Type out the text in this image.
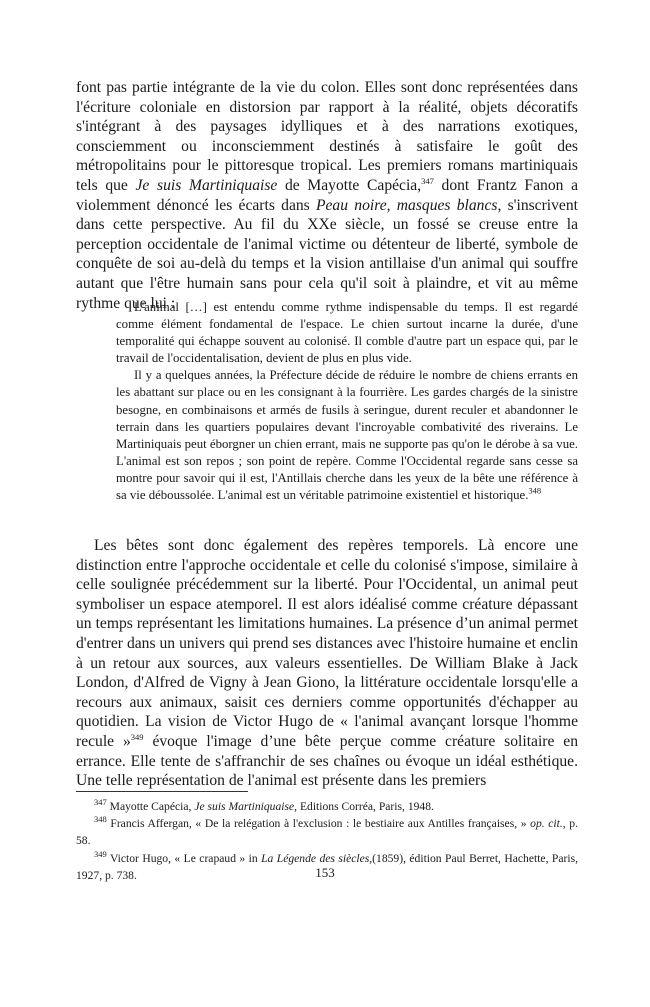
font pas partie intégrante de la vie du colon. Elles sont donc représentées dans l'écriture coloniale en distorsion par rapport à la réalité, objets décoratifs s'intégrant à des paysages idylliques et à des narrations exotiques, consciemment ou inconsciemment destinés à satisfaire le goût des métropolitains pour le pittoresque tropical. Les premiers romans martiniquais tels que Je suis Martiniquaise de Mayotte Capécia,$^{347}$ dont Frantz Fanon a violemment dénoncé les écarts dans Peau noire, masques blancs, s'inscrivent dans cette perspective. Au fil du XXe siècle, un fossé se creuse entre la perception occidentale de l'animal victime ou détenteur de liberté, symbole de conquête de soi au-delà du temps et la vision antillaise d'un animal qui souffre autant que l'être humain sans pour cela qu'il soit à plaindre, et vit au même rythme que lui :

L'animal […] est entendu comme rythme indispensable du temps. Il est regardé comme élément fondamental de l'espace. Le chien surtout incarne la durée, d'une temporalité qui échappe souvent au colonisé. Il comble d'autre part un espace qui, par le travail de l'occidentalisation, devient de plus en plus vide.

Il y a quelques années, la Préfecture décide de réduire le nombre de chiens errants en les abattant sur place ou en les consignant à la fourrière. Les gardes chargés de la sinistre besogne, en combinaisons et armés de fusils à seringue, durent reculer et abandonner le terrain dans les quartiers populaires devant l'incroyable combativité des riverains. Le Martiniquais peut éborgner un chien errant, mais ne supporte pas qu'on le dérobe à sa vue. L'animal est son repos ; son point de repère. Comme l'Occidental regarde sans cesse sa montre pour savoir qui il est, l'Antillais cherche dans les yeux de la bête une référence à sa vie déboussolée. L'animal est un véritable patrimoine existentiel et historique.$^{348}$

Les bêtes sont donc également des repères temporels. Là encore une distinction entre l'approche occidentale et celle du colonisé s'impose, similaire à celle soulignée précédemment sur la liberté. Pour l'Occidental, un animal peut symboliser un espace atemporel. Il est alors idéalisé comme créature dépassant un temps représentant les limitations humaines. La présence d’un animal permet d'entrer dans un univers qui prend ses distances avec l'histoire humaine et enclin à un retour aux sources, aux valeurs essentielles. De William Blake à Jack London, d'Alfred de Vigny à Jean Giono, la littérature occidentale lorsqu'elle a recours aux animaux, saisit ces derniers comme opportunités d'échapper au quotidien. La vision de Victor Hugo de « l'animal avançant lorsque l'homme recule »$^{349}$ évoque l'image d’une bête perçue comme créature solitaire en errance. Elle tente de s'affranchir de ses chaînes ou évoque un idéal esthétique. Une telle représentation de l'animal est présente dans les premiers

$^{347}$ Mayotte Capécia, Je suis Martiniquaise, Editions Corréa, Paris, 1948.

$^{348}$ Francis Affergan, « De la relégation à l'exclusion : le bestiaire aux Antilles françaises, » op. cit., p. 58.

$^{349}$ Victor Hugo, « Le crapaud » in La Légende des siècles,(1859), édition Paul Berret, Hachette, Paris, 1927, p. 738.	153
